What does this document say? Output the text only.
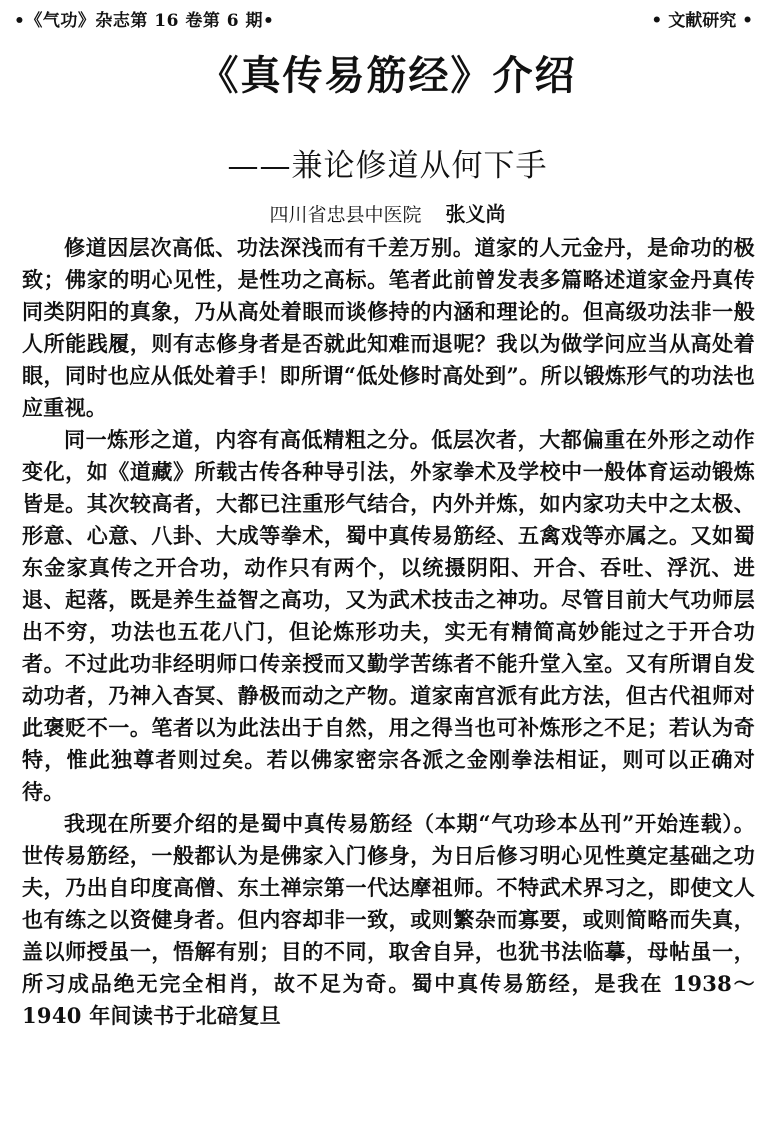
•《气功》杂志第 16 卷第 6 期•	• 文献研究 •
《真传易筋经》介绍
——兼论修道从何下手
四川省忠县中医院 张义尚

修道因层次高低、功法深浅而有千差万别。道家的人元金丹，是命功的极致；佛家的明心见性，是性功之高标。笔者此前曾发表多篇略述道家金丹真传同类阴阳的真象，乃从高处着眼而谈修持的内涵和理论的。但高级功法非一般人所能践履，则有志修身者是否就此知难而退呢？我以为做学问应当从高处着眼，同时也应从低处着手！即所谓“低处修时高处到”。所以锻炼形气的功法也应重视。

同一炼形之道，内容有高低精粗之分。低层次者，大都偏重在外形之动作变化，如《道藏》所载古传各种导引法，外家拳术及学校中一般体育运动锻炼皆是。其次较高者，大都已注重形气结合，内外并炼，如内家功夫中之太极、形意、心意、八卦、大成等拳术，蜀中真传易筋经、五禽戏等亦属之。又如蜀东金家真传之开合功，动作只有两个，以统摄阴阳、开合、吞吐、浮沉、进退、起落，既是养生益智之高功，又为武术技击之神功。尽管目前大气功师层出不穷，功法也五花八门，但论炼形功夫，实无有精简高妙能过之于开合功者。不过此功非经明师口传亲授而又勤学苦练者不能升堂入室。又有所谓自发动功者，乃神入杳冥、静极而动之产物。道家南宫派有此方法，但古代祖师对此褒贬不一。笔者以为此法出于自然，用之得当也可补炼形之不足；若认为奇特，惟此独尊者则过矣。若以佛家密宗各派之金刚拳法相证，则可以正确对待。

我现在所要介绍的是蜀中真传易筋经（本期“气功珍本丛刊”开始连载）。世传易筋经，一般都认为是佛家入门修身，为日后修习明心见性奠定基础之功夫，乃出自印度高僧、东土禅宗第一代达摩祖师。不特武术界习之，即使文人也有练之以资健身者。但内容却非一致，或则繁杂而寡要，或则简略而失真，盖以师授虽一，悟解有别；目的不同，取舍自异，也犹书法临摹，母帖虽一，所习成品绝无完全相肖，故不足为奇。蜀中真传易筋经，是我在 1938～1940 年间读书于北碚复旦
